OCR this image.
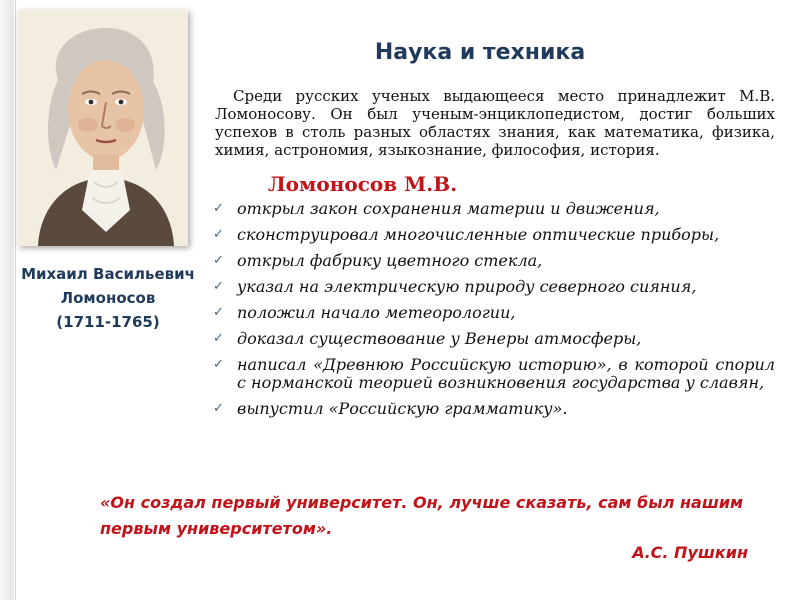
Михаил Васильевич
Ломоносов
(1711-1765)
Наука и техника
Среди русских ученых выдающееся место принадлежит М.В. Ломоносову. Он был ученым-энциклопедистом, достиг больших успехов в столь разных областях знания, как математика, физика, химия, астрономия, языкознание, философия, история.
Ломоносов М.В.
✓ открыл закон сохранения материи и движения,
✓ сконструировал многочисленные оптические приборы,
✓ открыл фабрику цветного стекла,
✓ указал на электрическую природу северного сияния,
✓ положил начало метеорологии,
✓ доказал существование у Венеры атмосферы,
✓ написал «Древнюю Российскую историю», в которой спорил с норманской теорией возникновения государства у славян,
✓ выпустил «Российскую грамматику».
«Он создал первый университет. Он, лучше сказать, сам был нашим первым университетом».
А.С. Пушкин
